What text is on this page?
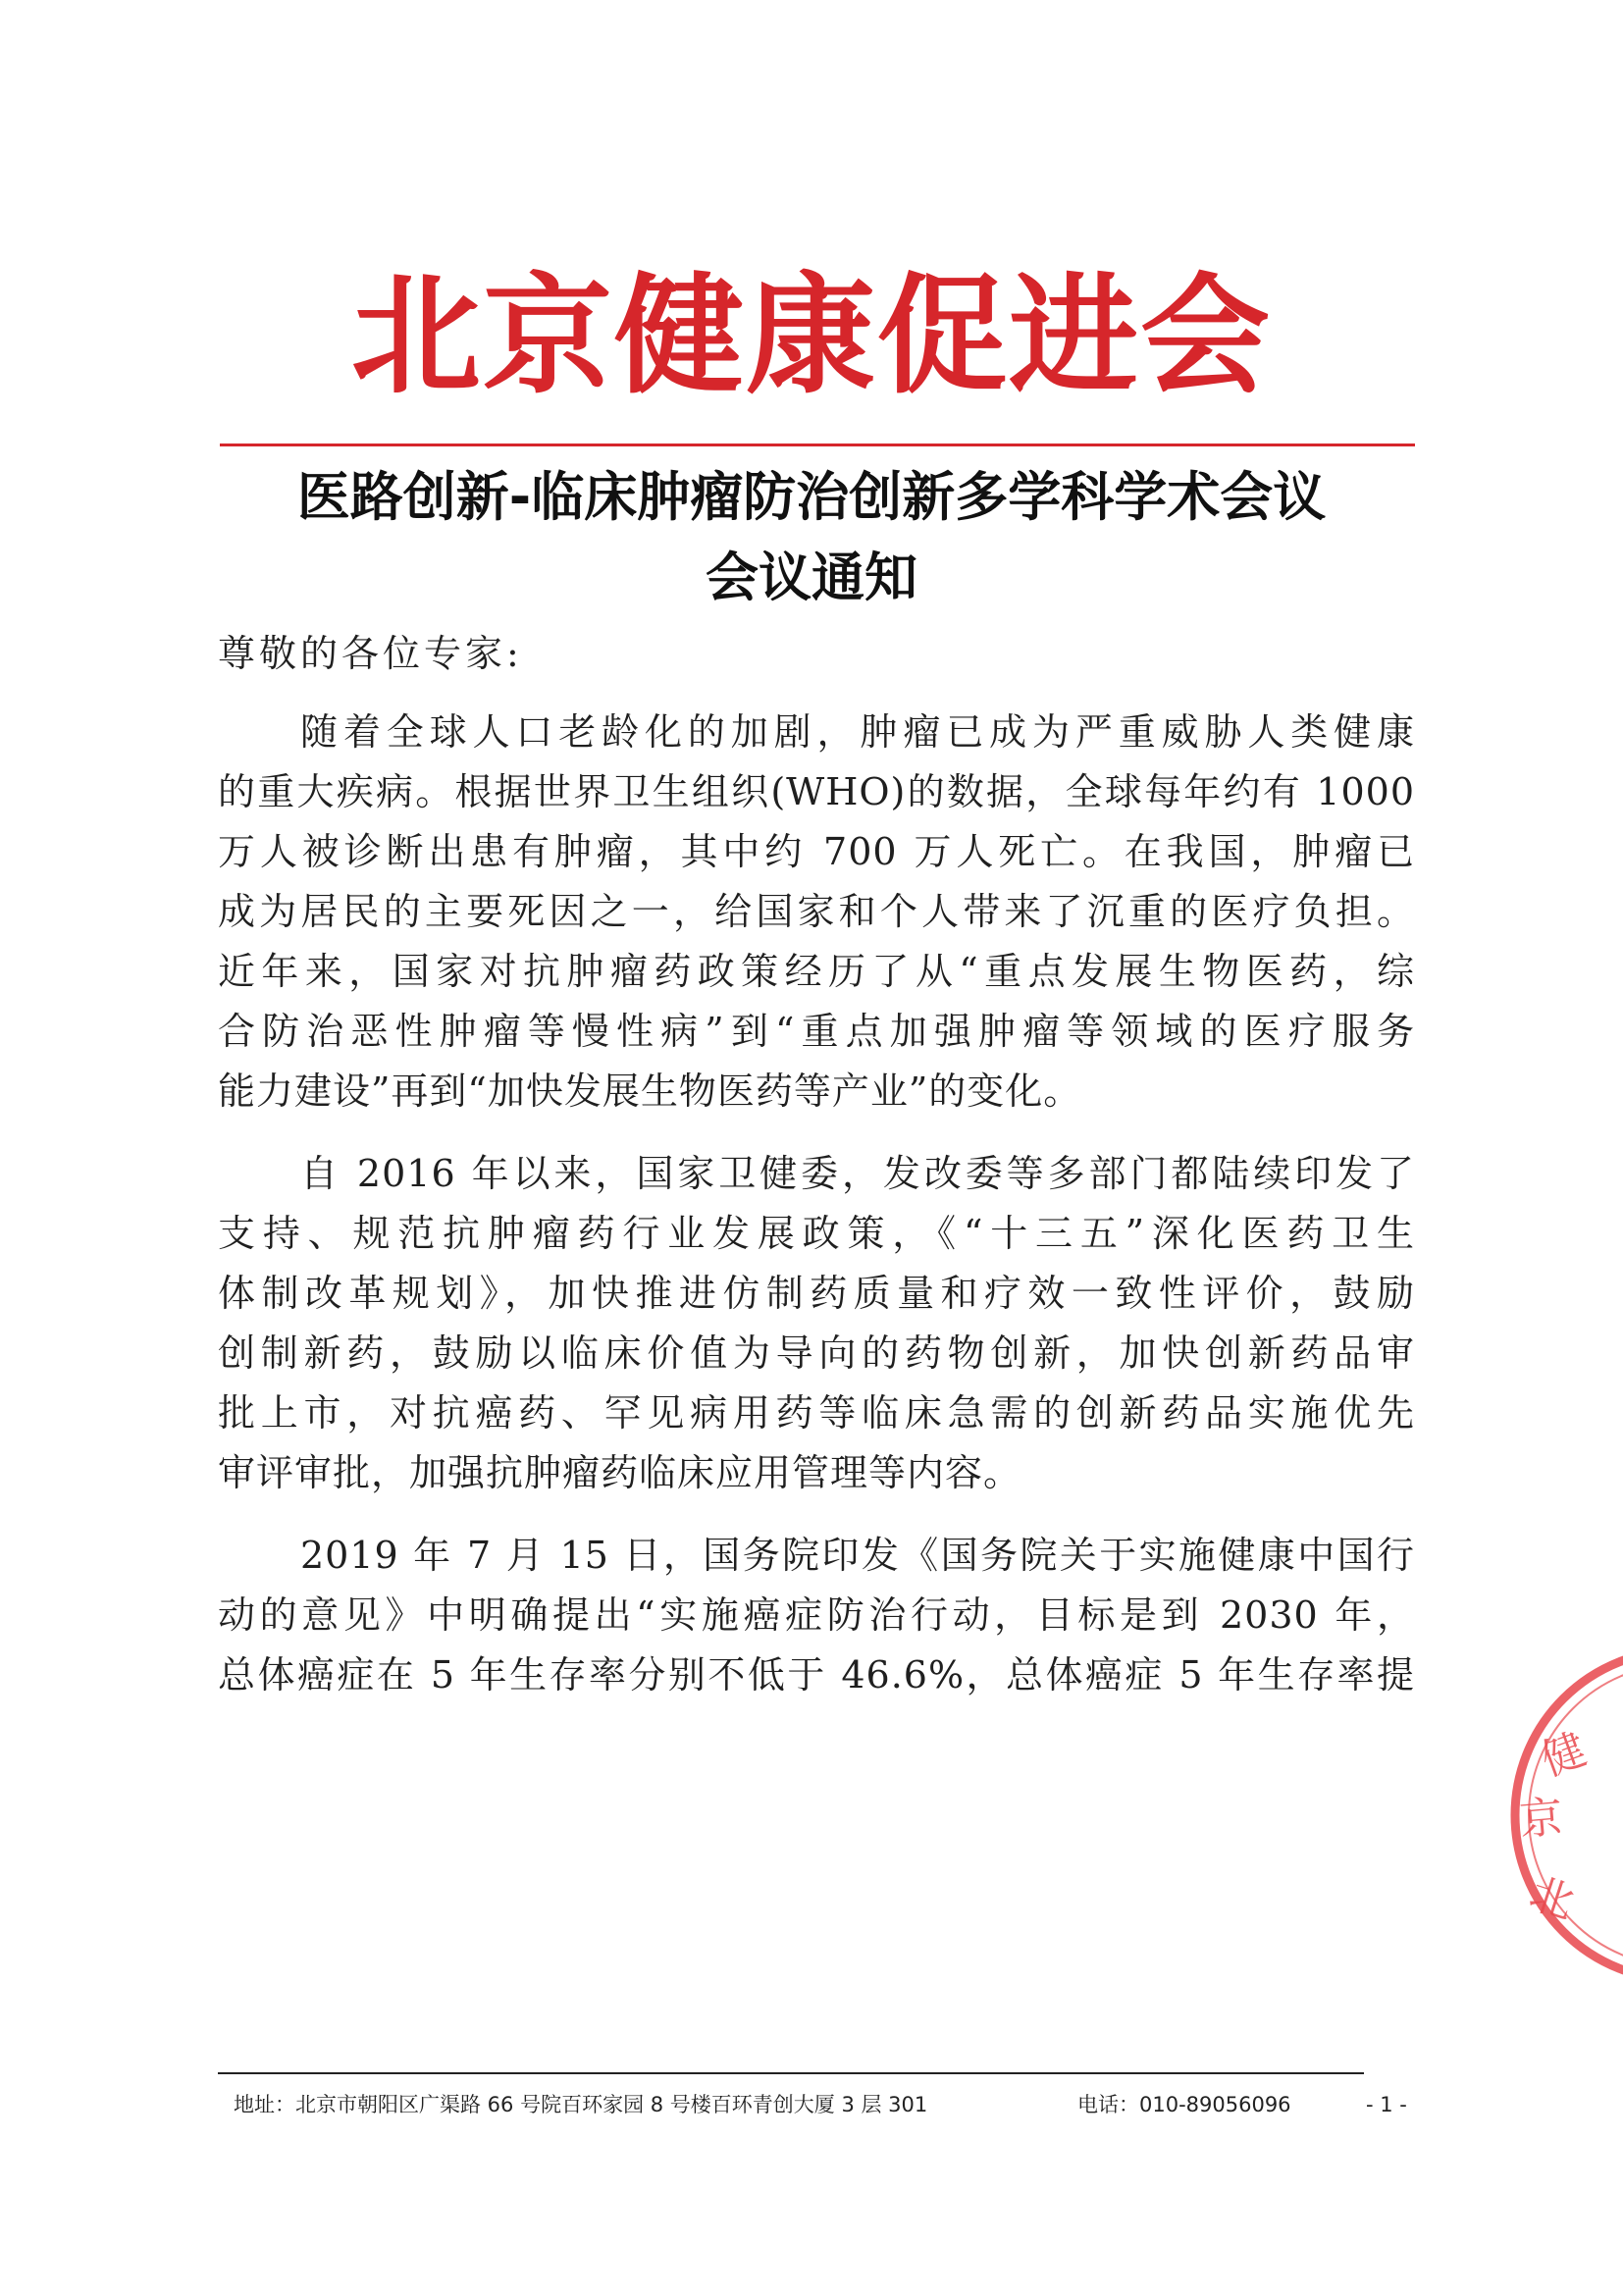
北京健康促进会
医路创新-临床肿瘤防治创新多学科学术会议
会议通知
尊敬的各位专家:
随着全球人口老龄化的加剧，肿瘤已成为严重威胁人类健康
的重大疾病。根据世界卫生组织(WHO)的数据，全球每年约有 1000
万人被诊断出患有肿瘤，其中约 700 万人死亡。在我国，肿瘤已
成为居民的主要死因之一，给国家和个人带来了沉重的医疗负担。
近年来，国家对抗肿瘤药政策经历了从“重点发展生物医药，综
合防治恶性肿瘤等慢性病”到“重点加强肿瘤等领域的医疗服务
能力建设”再到“加快发展生物医药等产业”的变化。
自 2016 年以来，国家卫健委，发改委等多部门都陆续印发了
支持、规范抗肿瘤药行业发展政策，《“十三五”深化医药卫生
体制改革规划》，加快推进仿制药质量和疗效一致性评价，鼓励
创制新药，鼓励以临床价值为导向的药物创新，加快创新药品审
批上市，对抗癌药、罕见病用药等临床急需的创新药品实施优先
审评审批，加强抗肿瘤药临床应用管理等内容。
2019 年 7 月 15 日，国务院印发《国务院关于实施健康中国行
动的意见》中明确提出“实施癌症防治行动，目标是到 2030 年，
总体癌症在 5 年生存率分别不低于 46.6%，总体癌症 5 年生存率提
健
京
北
地址：北京市朝阳区广渠路 66 号院百环家园 8 号楼百环青创大厦 3 层 301	电话：010-89056096	- 1 -
